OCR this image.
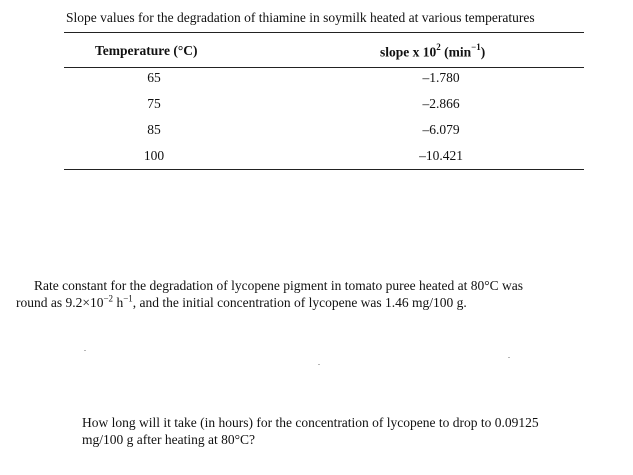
Slope values for the degradation of thiamine in soymilk heated at various temperatures
Temperature (°C)	slope x $10^2$ $(\min^{-1})$
65	–1.780
75	–2.866
85	–6.079
100	–10.421
Rate constant for the degradation of lycopene pigment in tomato puree heated at 80°C was
round as $9.2\times 10^{-2}$ $h^{-1}$, and the initial concentration of lycopene was 1.46 mg/100 g.
How long will it take (in hours) for the concentration of lycopene to drop to 0.09125
mg/100 g after heating at 80°C?
